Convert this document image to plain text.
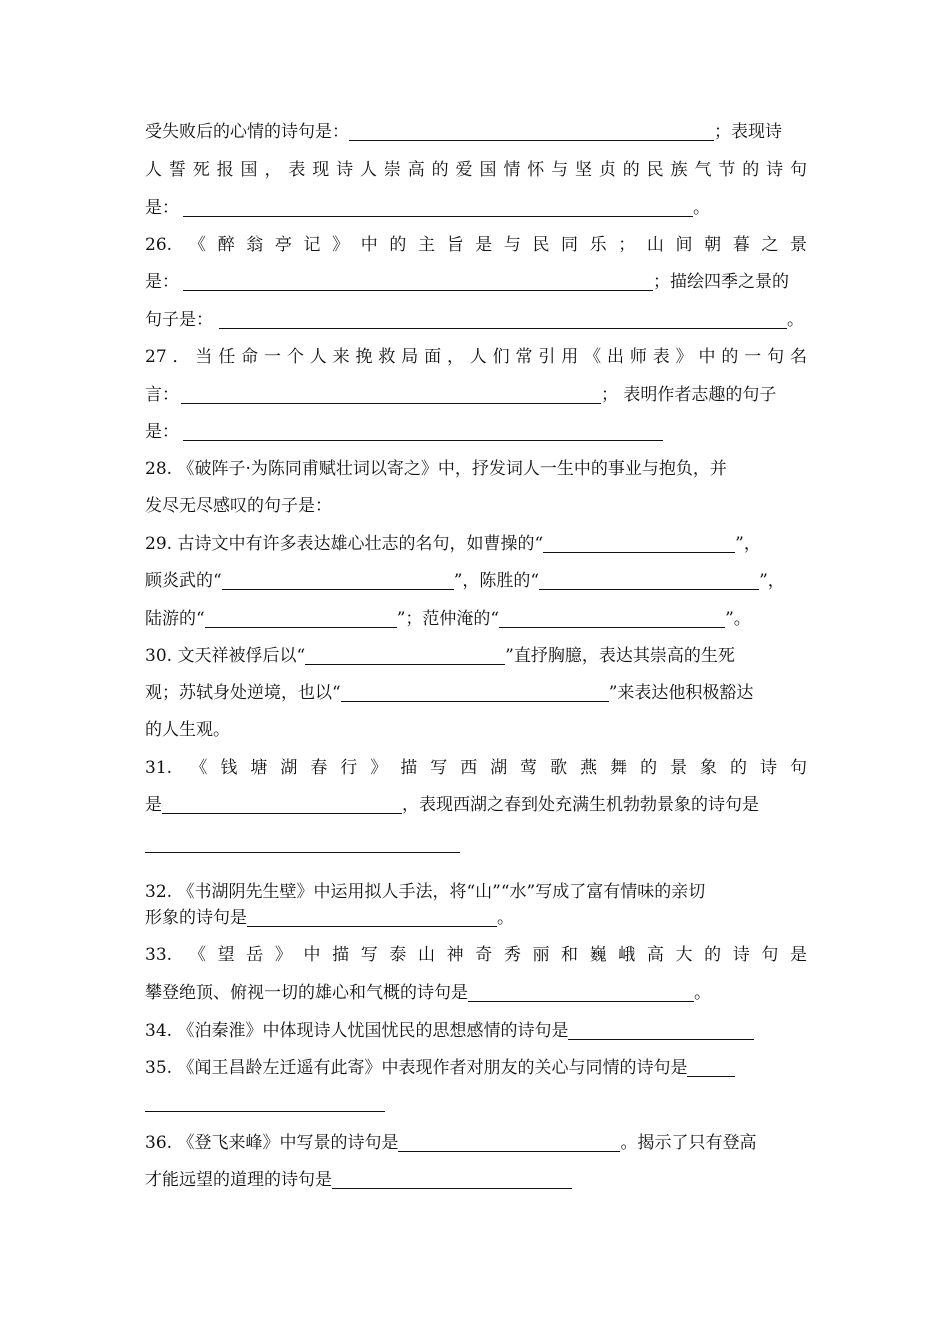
受失败后的心情的诗句是：	；表现诗
人誓死报国，表现诗人崇高的爱国情怀与坚贞的民族气节的诗句
是：	。
26. 《醉翁亭记》中的主旨是与民同乐；山间朝暮之景
是：	；描绘四季之景的
句子是：	。
27．当任命一个人来挽救局面，人们常引用《出师表》中的一句名
言：	； 表明作者志趣的句子
是：
28. 《破阵子·为陈同甫赋壮词以寄之》中，抒发词人一生中的事业与抱负，并
发尽无尽感叹的句子是：
29. 古诗文中有许多表达雄心壮志的名句，如曹操的“	”，
顾炎武的“	”，陈胜的“	”，
陆游的“	”；范仲淹的“	”。
30. 文天祥被俘后以“	”直抒胸臆，表达其崇高的生死
观；苏轼身处逆境，也以“	”来表达他积极豁达
的人生观。
31. 《钱塘湖春行》描写西湖莺歌燕舞的景象的诗句
是	，表现西湖之春到处充满生机勃勃景象的诗句是
32. 《书湖阴先生壁》中运用拟人手法，将“山”“水”写成了富有情味的亲切
形象的诗句是	。
33. 《望岳》中描写泰山神奇秀丽和巍峨高大的诗句是
攀登绝顶、俯视一切的雄心和气概的诗句是	。
34. 《泊秦淮》中体现诗人忧国忧民的思想感情的诗句是
35. 《闻王昌龄左迁遥有此寄》中表现作者对朋友的关心与同情的诗句是
36. 《登飞来峰》中写景的诗句是	。揭示了只有登高
才能远望的道理的诗句是
